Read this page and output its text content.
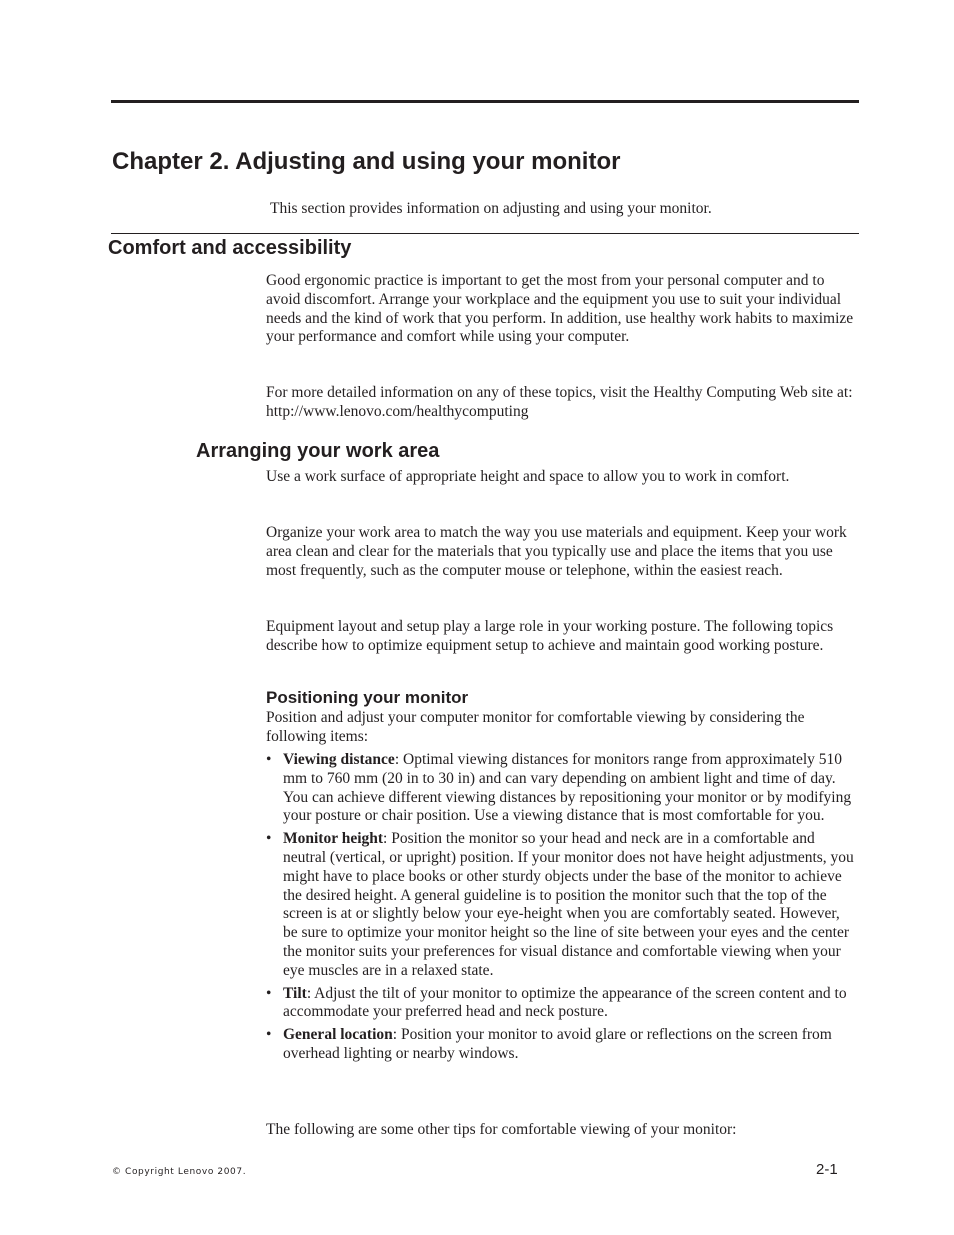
Chapter 2. Adjusting and using your monitor

This section provides information on adjusting and using your monitor.

Comfort and accessibility

Good ergonomic practice is important to get the most from your personal computer and to avoid discomfort. Arrange your workplace and the equipment you use to suit your individual needs and the kind of work that you perform. In addition, use healthy work habits to maximize your performance and comfort while using your computer.

For more detailed information on any of these topics, visit the Healthy Computing Web site at: http://www.lenovo.com/healthycomputing

Arranging your work area

Use a work surface of appropriate height and space to allow you to work in comfort.

Organize your work area to match the way you use materials and equipment. Keep your work area clean and clear for the materials that you typically use and place the items that you use most frequently, such as the computer mouse or telephone, within the easiest reach.

Equipment layout and setup play a large role in your working posture. The following topics describe how to optimize equipment setup to achieve and maintain good working posture.

Positioning your monitor

Position and adjust your computer monitor for comfortable viewing by considering the following items:

• Viewing distance: Optimal viewing distances for monitors range from approximately 510 mm to 760 mm (20 in to 30 in) and can vary depending on ambient light and time of day. You can achieve different viewing distances by repositioning your monitor or by modifying your posture or chair position. Use a viewing distance that is most comfortable for you.
• Monitor height: Position the monitor so your head and neck are in a comfortable and neutral (vertical, or upright) position. If your monitor does not have height adjustments, you might have to place books or other sturdy objects under the base of the monitor to achieve the desired height. A general guideline is to position the monitor such that the top of the screen is at or slightly below your eye-height when you are comfortably seated. However, be sure to optimize your monitor height so the line of site between your eyes and the center the monitor suits your preferences for visual distance and comfortable viewing when your eye muscles are in a relaxed state.
• Tilt: Adjust the tilt of your monitor to optimize the appearance of the screen content and to accommodate your preferred head and neck posture.
• General location: Position your monitor to avoid glare or reflections on the screen from overhead lighting or nearby windows.

The following are some other tips for comfortable viewing of your monitor:

© Copyright Lenovo 2007.	2-1
